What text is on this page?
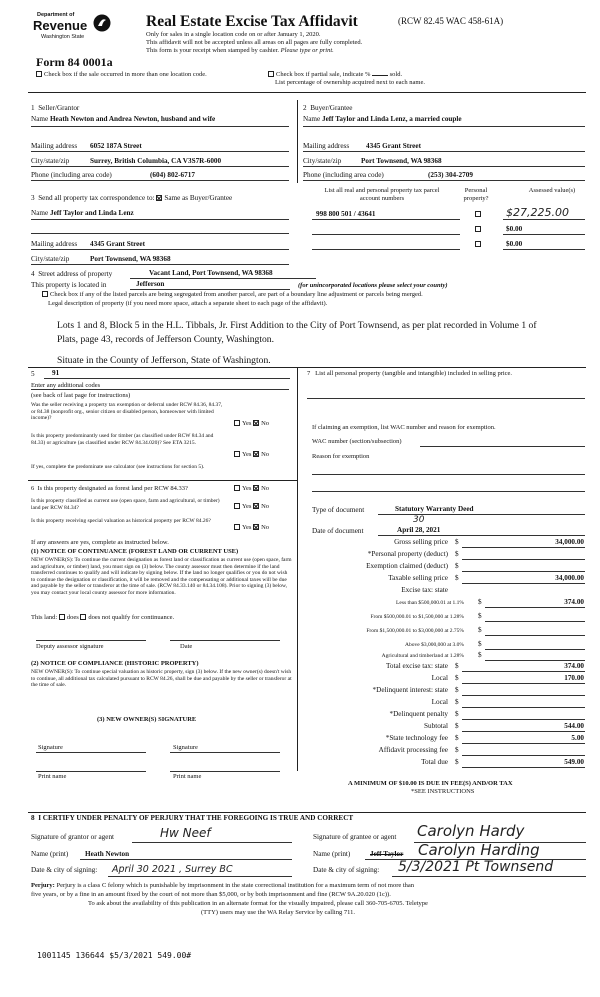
Department of
Revenue
Washington State
Real Estate Excise Tax Affidavit	(RCW 82.45 WAC 458-61A)
Only for sales in a single location code on or after January 1, 2020.
This affidavit will not be accepted unless all areas on all pages are fully completed.
This form is your receipt when stamped by cashier. Please type or print.
Form 84 0001a
Check box if the sale occurred in more than one location code.	Check box if partial sale, indicate %	sold.
List percentage of ownership acquired next to each name.
1 Seller/Grantor
Name Heath Newton and Andrea Newton, husband and wife
Mailing address 6052 187A Street
City/state/zip	Surrey, British Columbia, CA V3S7R-6000
Phone (including area code)	(604) 802-6717
2 Buyer/Grantee
Name Jeff Taylor and Linda Lenz, a married couple
Mailing address 4345 Grant Street
City/state/zip	Port Townsend, WA 98368
Phone (including area code)	(253) 304-2709
3 Send all property tax correspondence to: Same as Buyer/Grantee
Name Jeff Taylor and Linda Lenz
Mailing address 4345 Grant Street
City/state/zip	Port Townsend, WA 98368
List all real and personal property tax parcel account numbers
Personal property?
Assessed value(s)
998 800 501 / 43641	$27,225.00
$0.00
$0.00
4 Street address of property	Vacant Land, Port Townsend, WA 98368
This property is located in	Jefferson	(for unincorporated locations please select your county)
Check box if any of the listed parcels are being segregated from another parcel, are part of a boundary line adjustment or parcels being merged.
Legal description of property (if you need more space, attach a separate sheet to each page of the affidavit).
Lots 1 and 8, Block 5 in the H.L. Tibbals, Jr. First Addition to the City of Port Townsend, as per plat recorded in Volume 1 of
Plats, page 43, records of Jefferson County, Washington.
Situate in the County of Jefferson, State of Washington.
5 91
Enter any additional codes
(see back of last page for instructions)
Was the seller receiving a property tax exemption or deferral under RCW 84.36, 84.37, or 84.38 (nonprofit org., senior citizen or disabled person, homeowner with limited income)?
Yes No
Is this property predominantly used for timber (as classified under RCW 84.34 and 84.33) or agriculture (as classified under RCW 84.34.020)? See ETA 3215.
Yes No
If yes, complete the predominate use calculator (see instructions for section 5).
6 Is this property designated as forest land per RCW 84.33?	Yes No
Is this property classified as current use (open space, farm and agricultural, or timber) land per RCW 84.34?	Yes No
Is this property receiving special valuation as historical property per RCW 84.26?
Yes No
If any answers are yes, complete as instructed below.
(1) NOTICE OF CONTINUANCE (FOREST LAND OR CURRENT USE)
NEW OWNER(S): To continue the current designation as forest land or classification as current use (open space, farm and agriculture, or timber) land, you must sign on (3) below. The county assessor must then determine if the land transferred continues to qualify and will indicate by signing below. If the land no longer qualifies or you do not wish to continue the designation or classification, it will be removed and the compensating or additional taxes will be due and payable by the seller or transferor at the time of sale. (RCW 84.33.140 or 84.34.108). Prior to signing (3) below, you may contact your local county assessor for more information.
This land: does does not qualify for continuance.
Deputy assessor signature	Date
(2) NOTICE OF COMPLIANCE (HISTORIC PROPERTY)
NEW OWNER(S): To continue special valuation as historic property, sign (3) below. If the new owner(s) doesn't wish to continue, all additional tax calculated pursuant to RCW 84.26, shall be due and payable by the seller or transferor at the time of sale.
(3) NEW OWNER(S) SIGNATURE
Signature	Signature
Print name	Print name
7 List all personal property (tangible and intangible) included in selling price.
If claiming an exemption, list WAC number and reason for exemption.
WAC number (section/subsection)
Reason for exemption
Type of document	Statutory Warranty Deed
30
Date of document	April 28, 2021
Gross selling price $	34,000.00
*Personal property (deduct) $
Exemption claimed (deduct) $
Taxable selling price $	34,000.00
Excise tax: state
Less than $500,000.01 at 1.1% $	374.00
From $500,000.01 to $1,500,000 at 1.28% $
From $1,500,000.01 to $3,000,000 at 2.75% $
Above $3,000,000 at 3.0% $
Agricultural and timberland at 1.28% $
Total excise tax: state $	374.00
Local $	170.00
*Delinquent interest: state $
Local $
*Delinquent penalty $
Subtotal $	544.00
*State technology fee $	5.00
Affidavit processing fee $
Total due $	549.00
A MINIMUM OF $10.00 IS DUE IN FEE(S) AND/OR TAX
*SEE INSTRUCTIONS
8 I CERTIFY UNDER PENALTY OF PERJURY THAT THE FOREGOING IS TRUE AND CORRECT
Signature of grantor or agent	Hw Neef
Name (print) Heath Newton
Date & city of signing: April 30 2021 , Surrey BC
Signature of grantee or agent Carolyn Hardy
Name (print)	Jeff Taylor Carolyn Harding
Date & city of signing: 5/3/2021 Pt Townsend
Perjury: Perjury is a class C felony which is punishable by imprisonment in the state correctional institution for a maximum term of not more than
five years, or by a fine in an amount fixed by the court of not more than $5,000, or by both imprisonment and fine (RCW 9A.20.020 (1c)).
To ask about the availability of this publication in an alternate format for the visually impaired, please call 360-705-6705. Teletype
(TTY) users may use the WA Relay Service by calling 711.
1001145 136644 $5/3/2021 549.00#
